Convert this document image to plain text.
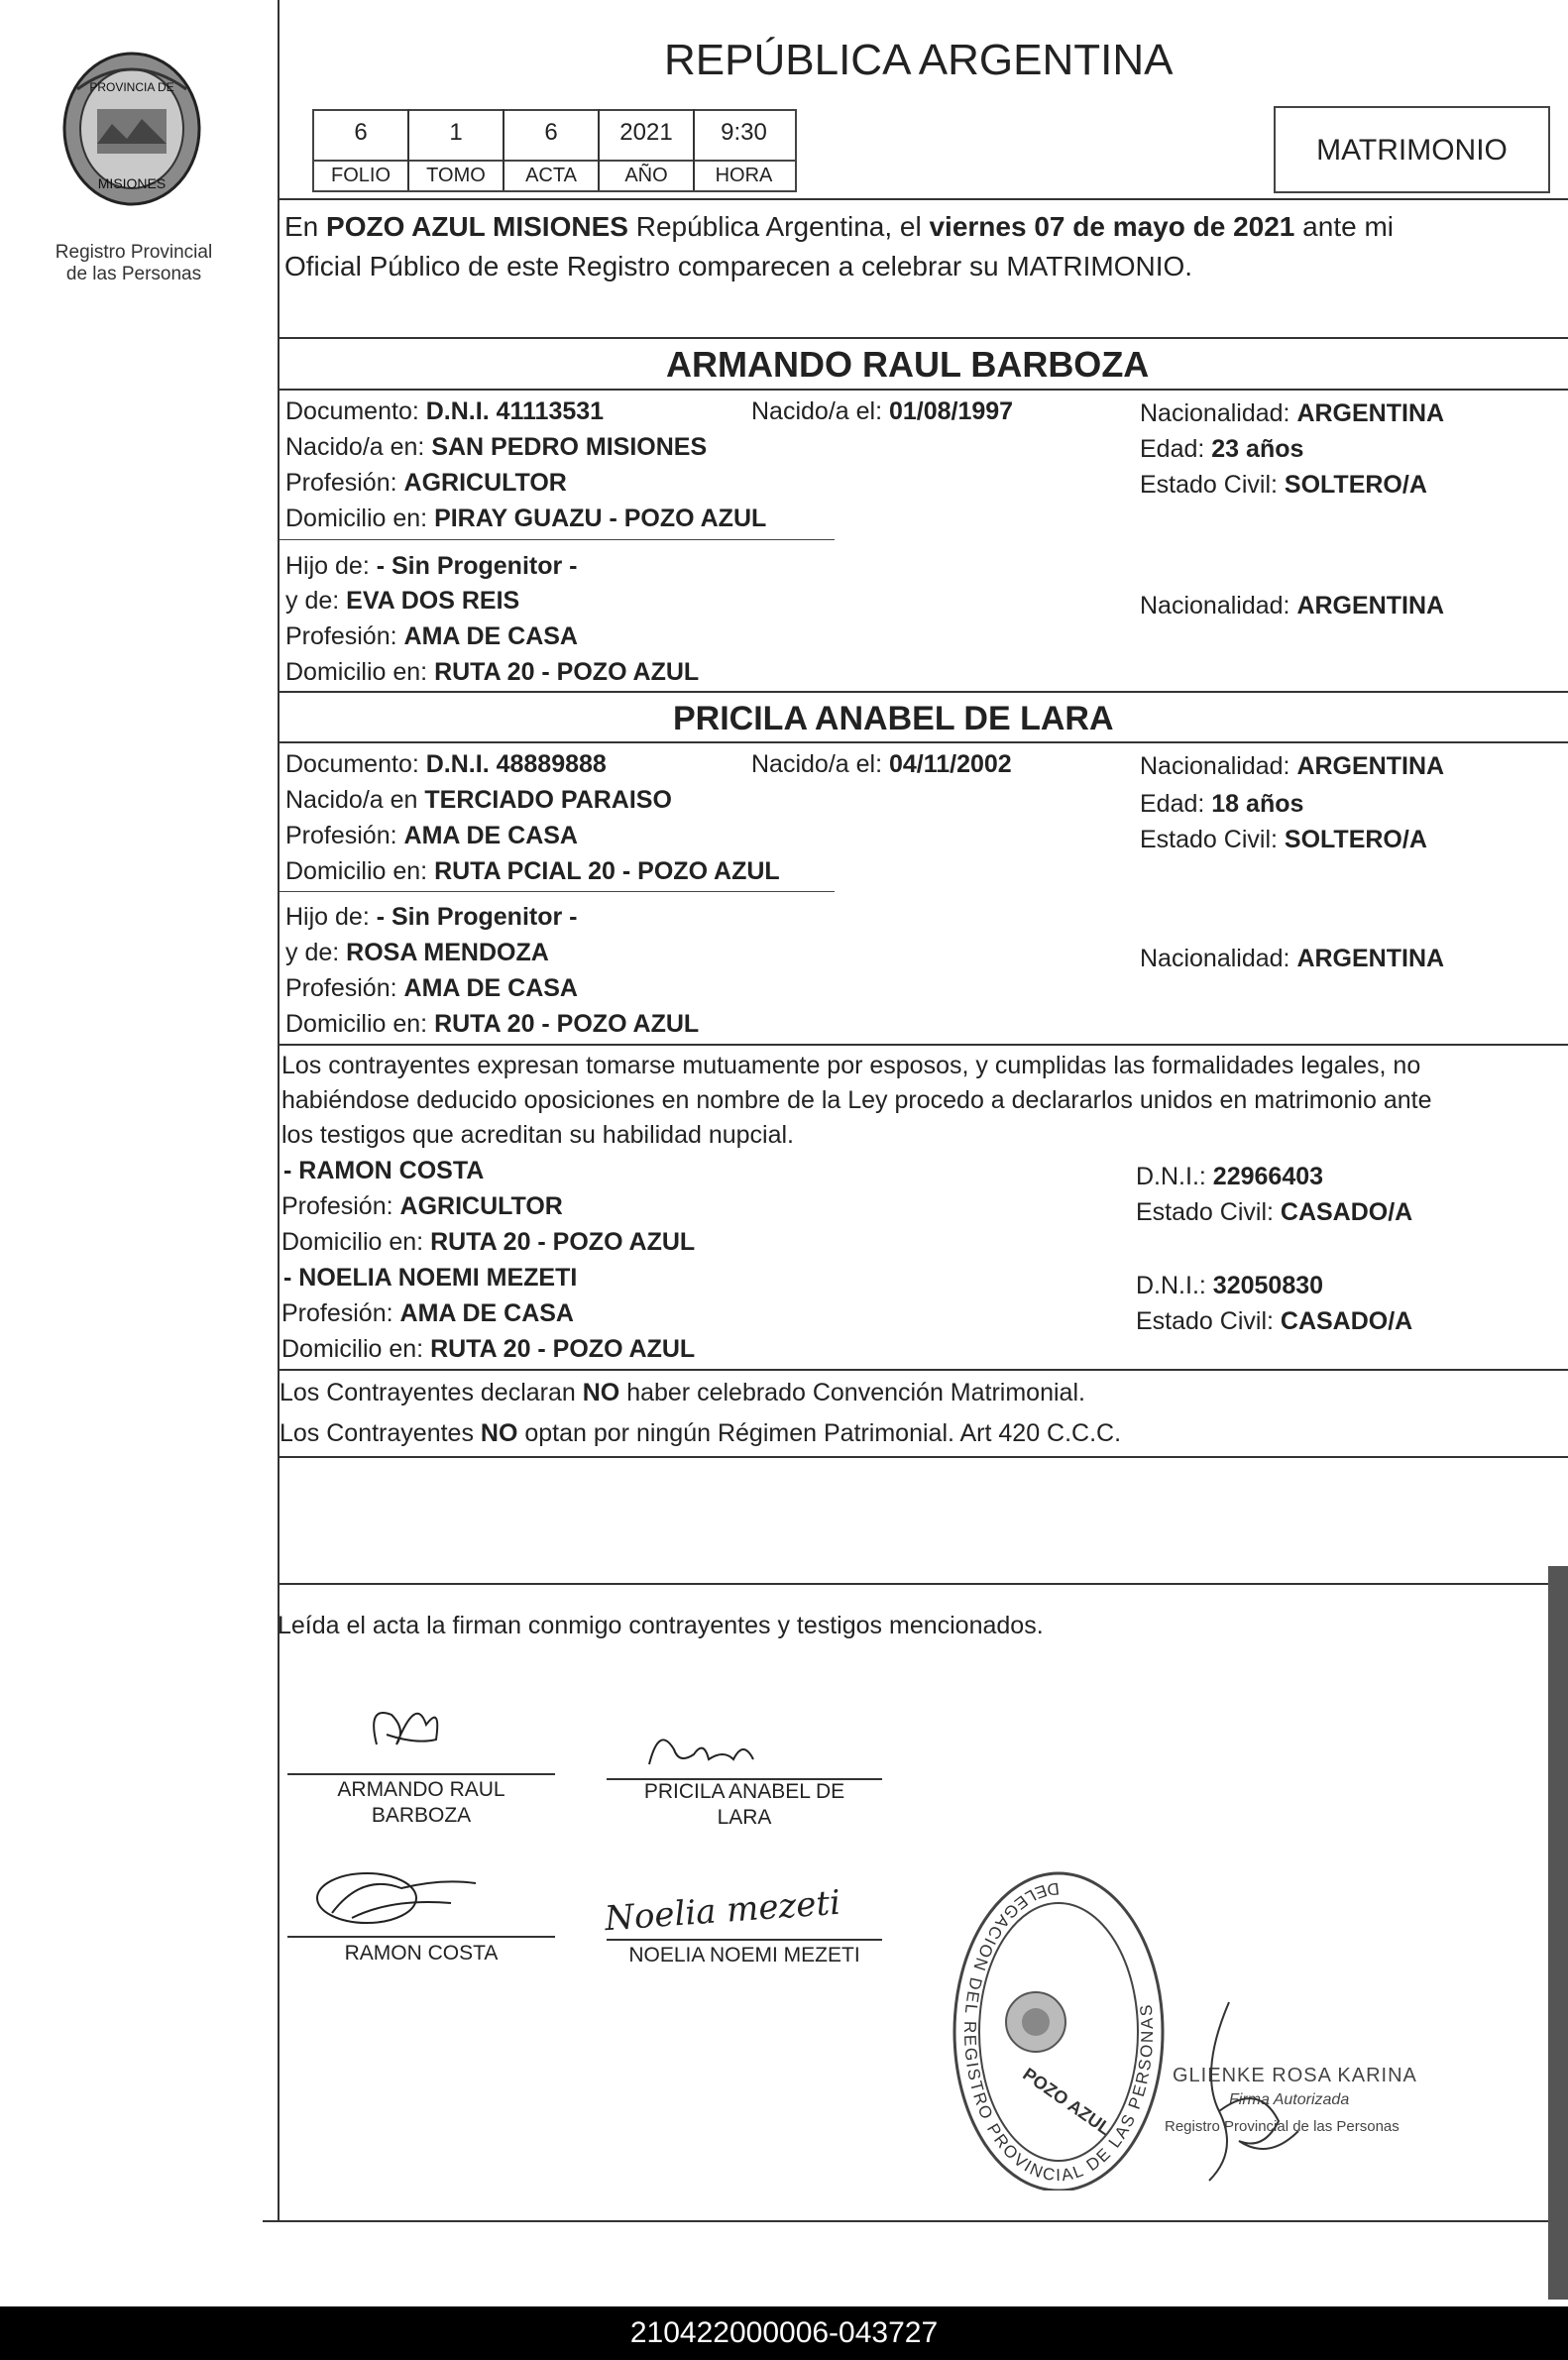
PROVINCIA DE
MISIONES
Registro Provincial
de las Personas
REPÚBLICA ARGENTINA
6	1	6	2021	9:30
FOLIO	TOMO	ACTA	AÑO	HORA
MATRIMONIO
En POZO AZUL MISIONES República Argentina, el viernes 07 de mayo de 2021 ante mi
Oficial Público de este Registro comparecen a celebrar su MATRIMONIO.
ARMANDO RAUL BARBOZA
Documento: D.N.I. 41113531	Nacido/a el: 01/08/1997	Nacionalidad: ARGENTINA
Nacido/a en: SAN PEDRO MISIONES	Edad: 23 años
Profesión: AGRICULTOR	Estado Civil: SOLTERO/A
Domicilio en: PIRAY GUAZU - POZO AZUL
Hijo de: - Sin Progenitor -
y de: EVA DOS REIS	Nacionalidad: ARGENTINA
Profesión: AMA DE CASA
Domicilio en: RUTA 20 - POZO AZUL
PRICILA ANABEL DE LARA
Documento: D.N.I. 48889888	Nacido/a el: 04/11/2002	Nacionalidad: ARGENTINA
Nacido/a en TERCIADO PARAISO	Edad: 18 años
Profesión: AMA DE CASA	Estado Civil: SOLTERO/A
Domicilio en: RUTA PCIAL 20 - POZO AZUL
Hijo de: - Sin Progenitor -
y de: ROSA MENDOZA	Nacionalidad: ARGENTINA
Profesión: AMA DE CASA
Domicilio en: RUTA 20 - POZO AZUL
Los contrayentes expresan tomarse mutuamente por esposos, y cumplidas las formalidades legales, no
habiéndose deducido oposiciones en nombre de la Ley procedo a declararlos unidos en matrimonio ante
los testigos que acreditan su habilidad nupcial.
- RAMON COSTA	D.N.I.: 22966403
Profesión: AGRICULTOR	Estado Civil: CASADO/A
Domicilio en: RUTA 20 - POZO AZUL
- NOELIA NOEMI MEZETI	D.N.I.: 32050830
Profesión: AMA DE CASA	Estado Civil: CASADO/A
Domicilio en: RUTA 20 - POZO AZUL
Los Contrayentes declaran NO haber celebrado Convención Matrimonial.
Los Contrayentes NO optan por ningún Régimen Patrimonial. Art 420 C.C.C.
Leída el acta la firman conmigo contrayentes y testigos mencionados.
ARMANDO RAUL
BARBOZA
PRICILA ANABEL DE
LARA
RAMON COSTA
Noelia mezeti
NOELIA NOEMI MEZETI
DELEGACION DEL REGISTRO PROVINCIAL DE LAS PERSONAS
POZO AZUL	GLIENKE ROSA KARINA
Firma Autorizada
Registro Provincial de las Personas
210422000006-043727
